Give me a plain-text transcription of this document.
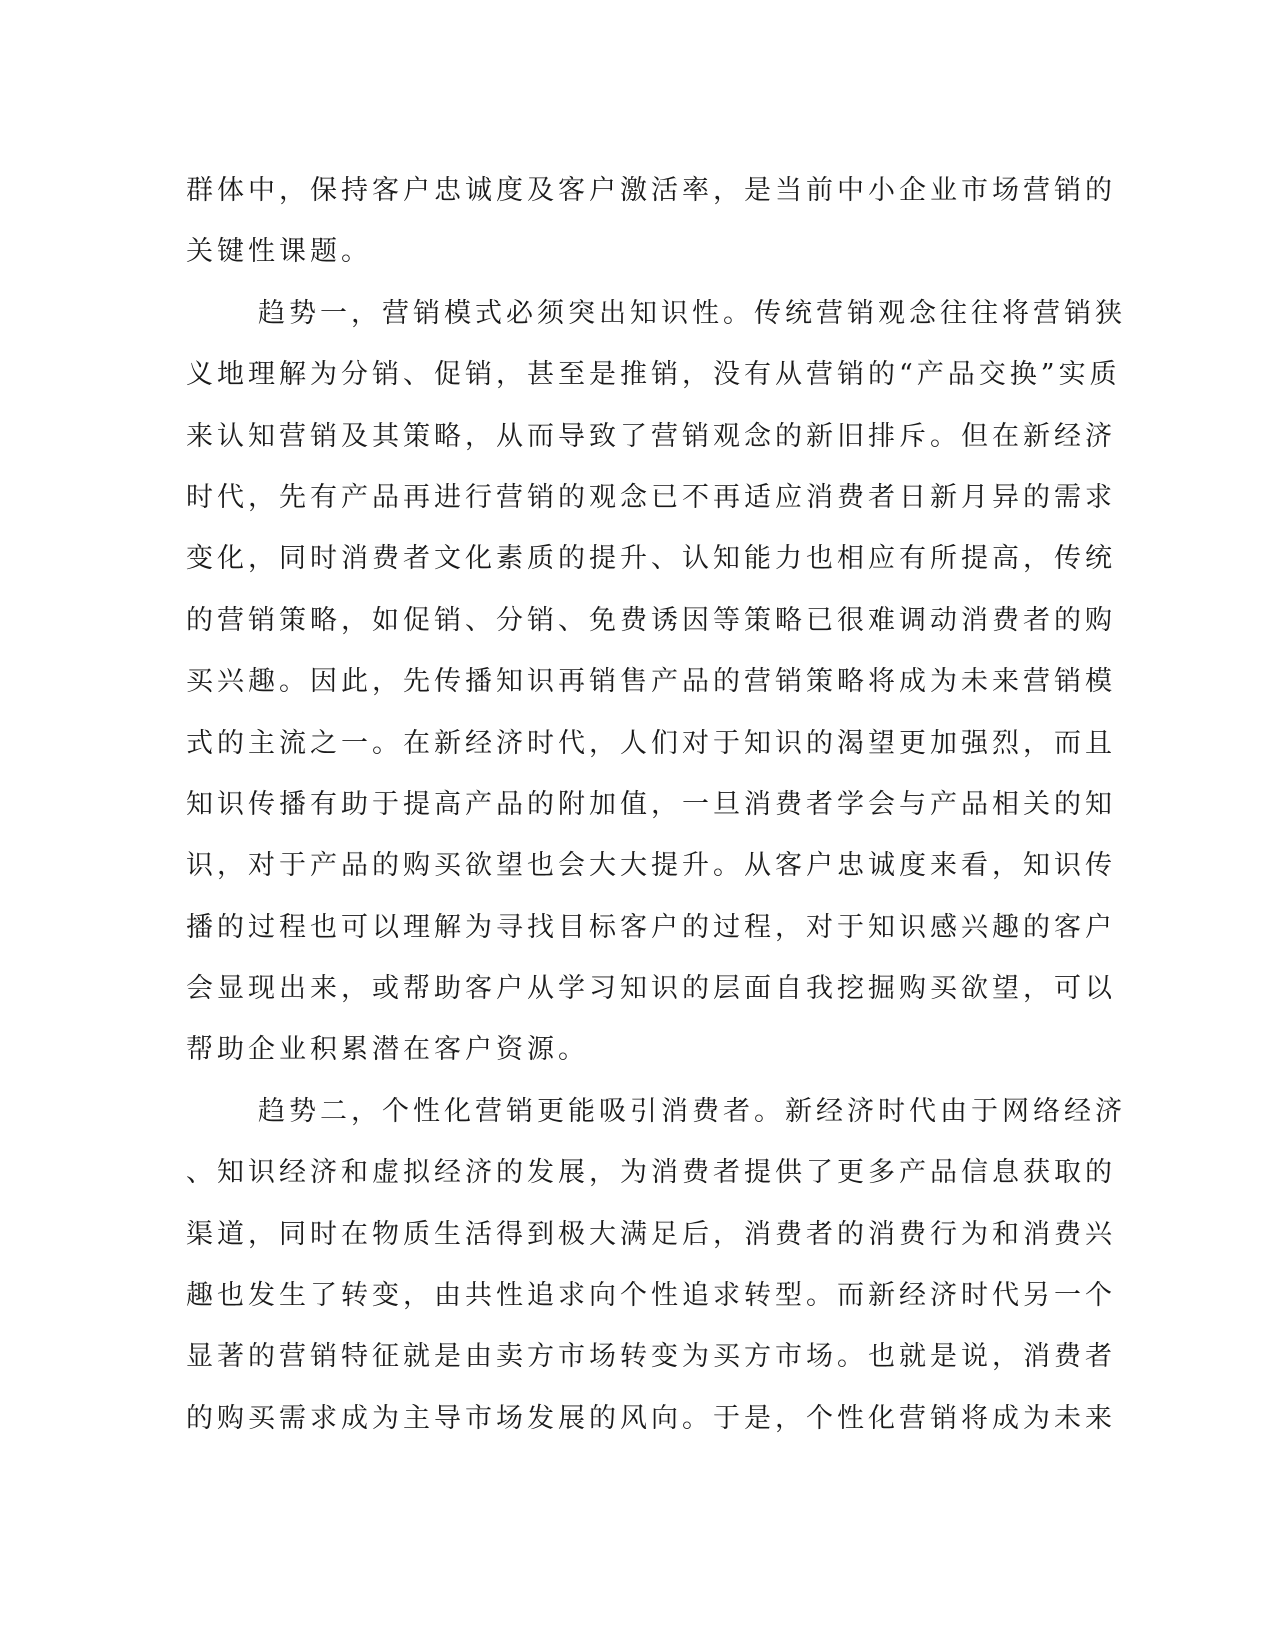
群体中，保持客户忠诚度及客户激活率，是当前中小企业市场营销的
关键性课题。
趋势一，营销模式必须突出知识性。传统营销观念往往将营销狭
义地理解为分销、促销，甚至是推销，没有从营销的“产品交换”实质
来认知营销及其策略，从而导致了营销观念的新旧排斥。但在新经济
时代，先有产品再进行营销的观念已不再适应消费者日新月异的需求
变化，同时消费者文化素质的提升、认知能力也相应有所提高，传统
的营销策略，如促销、分销、免费诱因等策略已很难调动消费者的购
买兴趣。因此，先传播知识再销售产品的营销策略将成为未来营销模
式的主流之一。在新经济时代，人们对于知识的渴望更加强烈，而且
知识传播有助于提高产品的附加值，一旦消费者学会与产品相关的知
识，对于产品的购买欲望也会大大提升。从客户忠诚度来看，知识传
播的过程也可以理解为寻找目标客户的过程，对于知识感兴趣的客户
会显现出来，或帮助客户从学习知识的层面自我挖掘购买欲望，可以
帮助企业积累潜在客户资源。
趋势二，个性化营销更能吸引消费者。新经济时代由于网络经济
、知识经济和虚拟经济的发展，为消费者提供了更多产品信息获取的
渠道，同时在物质生活得到极大满足后，消费者的消费行为和消费兴
趣也发生了转变，由共性追求向个性追求转型。而新经济时代另一个
显著的营销特征就是由卖方市场转变为买方市场。也就是说，消费者
的购买需求成为主导市场发展的风向。于是，个性化营销将成为未来
